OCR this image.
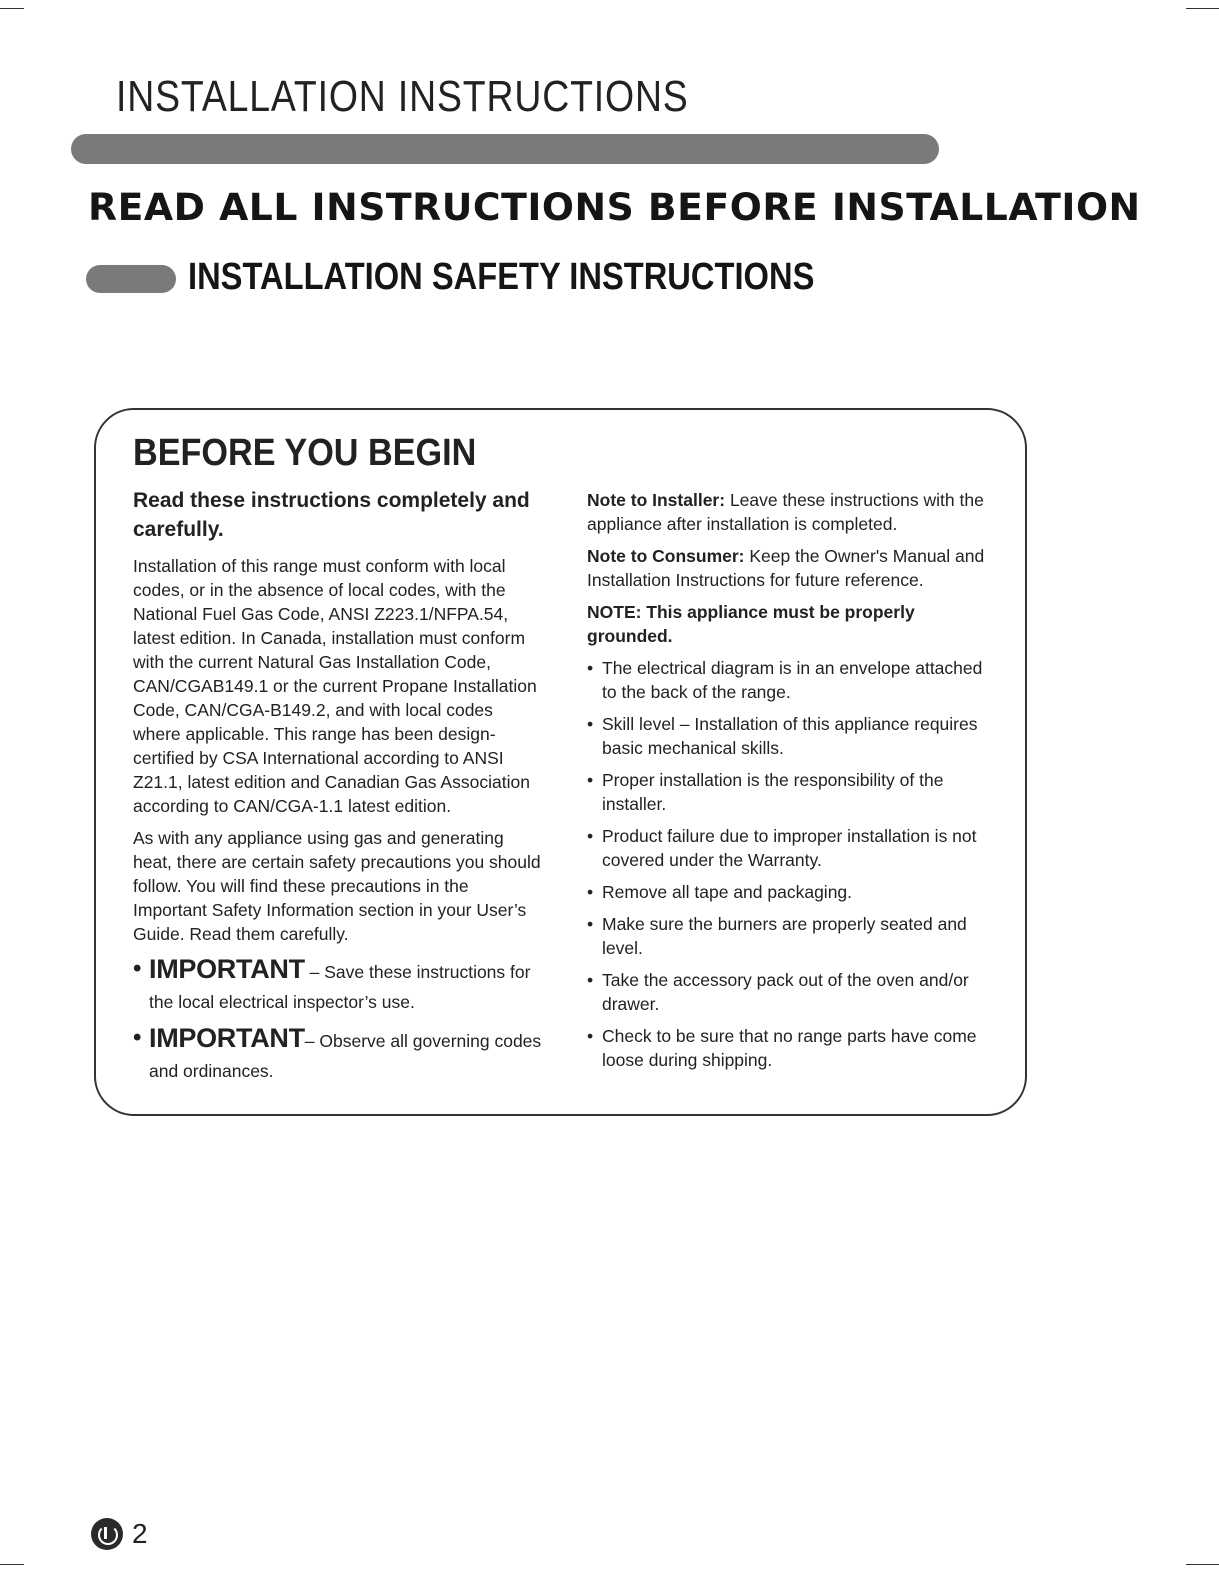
INSTALLATION INSTRUCTIONS
READ ALL INSTRUCTIONS BEFORE INSTALLATION
INSTALLATION SAFETY INSTRUCTIONS
BEFORE YOU BEGIN

Read these instructions completely and carefully.

Installation of this range must conform with local codes, or in the absence of local codes, with the National Fuel Gas Code, ANSI Z223.1/NFPA.54, latest edition. In Canada, installation must conform with the current Natural Gas Installation Code, CAN/CGAB149.1 or the current Propane Installation Code, CAN/CGA-B149.2, and with local codes where applicable. This range has been design-certified by CSA International according to ANSI Z21.1, latest edition and Canadian Gas Association according to CAN/CGA-1.1 latest edition.

As with any appliance using gas and generating heat, there are certain safety precautions you should follow. You will find these precautions in the Important Safety Information section in your User’s Guide. Read them carefully.

• IMPORTANT – Save these instructions for the local electrical inspector’s use.
• IMPORTANT– Observe all governing codes and ordinances.

Note to Installer: Leave these instructions with the appliance after installation is completed.

Note to Consumer: Keep the Owner's Manual and Installation Instructions for future reference.

NOTE: This appliance must be properly grounded.

• The electrical diagram is in an envelope attached to the back of the range.
• Skill level – Installation of this appliance requires basic mechanical skills.
• Proper installation is the responsibility of the installer.
• Product failure due to improper installation is not covered under the Warranty.
• Remove all tape and packaging.
• Make sure the burners are properly seated and level.
• Take the accessory pack out of the oven and/or drawer.
• Check to be sure that no range parts have come loose during shipping.
2
